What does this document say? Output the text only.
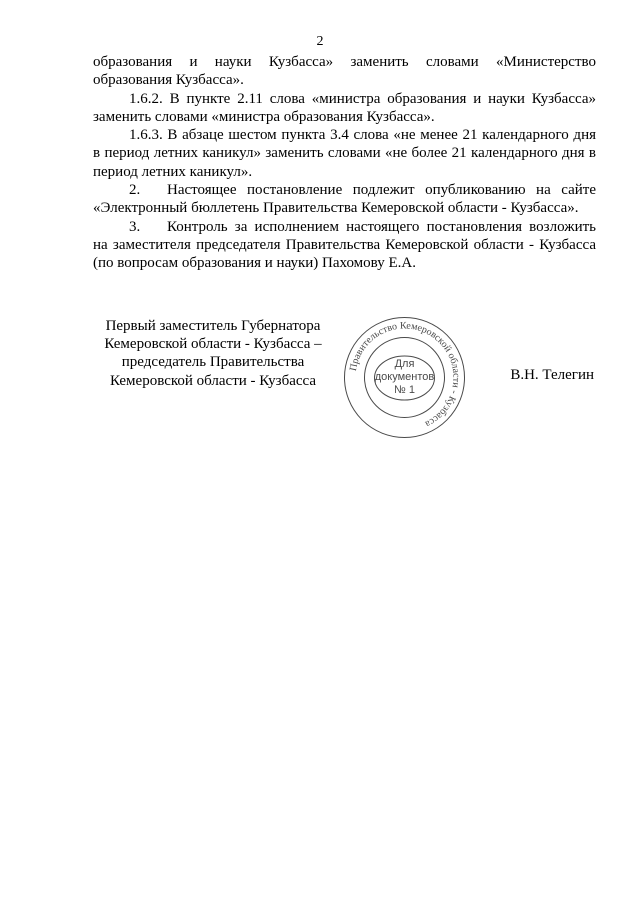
2

образования и науки Кузбасса» заменить словами «Министерство образования Кузбасса».

1.6.2. В пункте 2.11 слова «министра образования и науки Кузбасса» заменить словами «министра образования Кузбасса».

1.6.3. В абзаце шестом пункта 3.4 слова «не менее 21 календарного дня в период летних каникул» заменить словами «не более 21 календарного дня в период летних каникул».

2. Настоящее постановление подлежит опубликованию на сайте «Электронный бюллетень Правительства Кемеровской области - Кузбасса».

3. Контроль за исполнением настоящего постановления возложить на заместителя председателя Правительства Кемеровской области - Кузбасса (по вопросам образования и науки) Пахомову Е.А.

Первый заместитель Губернатора
Кемеровской области - Кузбасса –
председатель Правительства
Кемеровской области - Кузбасса
Правительство Кемеровской области - Кузбасса
Для
документов
№ 1
В.Н. Телегин
